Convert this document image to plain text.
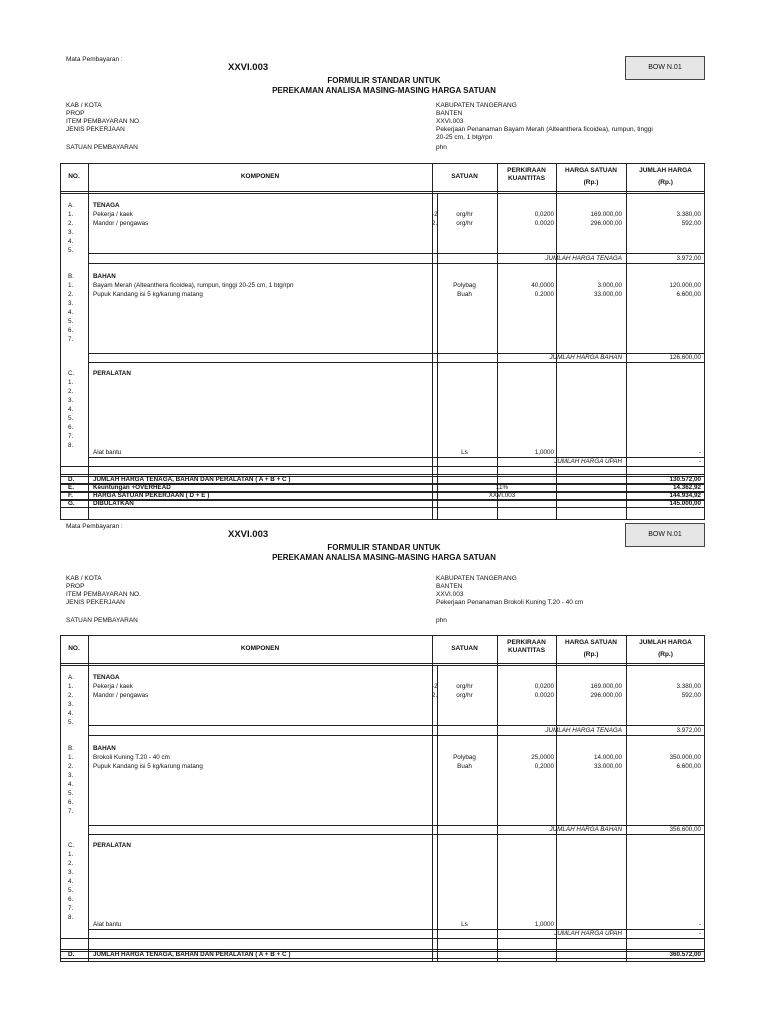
Mata Pembayaran :
XXVI.003	BOW N.01
FORMULIR STANDAR UNTUK
PEREKAMAN ANALISA MASING-MASING HARGA SATUAN
KAB / KOTA	KABUPATEN TANGERANG
PROP	BANTEN
ITEM PEMBAYARAN NO.	XXVI.003
JENIS PEKERJAAN	Pekerjaan Penanaman Bayam Merah (Alteanthera ficoidea), rumpun, tinggi
20-25 cm, 1 btg/rpn
SATUAN PEMBAYARAN	phn
NO.	KOMPONEN	SATUAN
PERKIRAAN
KUANTITAS
HARGA SATUAN
(Rp.)
JUMLAH HARGA
(Rp.)
A.	TENAGA
1.	Pekerja / kaek	-2	org/hr	0,0200	169.000,00	3.380,00
2.	Mandor / pengawas	2.	org/hr	0.0020	296.000,00	592,00
3.
4.
5.
JUMLAH HARGA TENAGA	3.972,00
B.	BAHAN
1.	Bayam Merah (Alteanthera ficoidea), rumpun, tinggi 20-25 cm, 1 btg/rpn	Polybag	40,0000	3.000,00	120.000,00
2.	Pupuk Kandang isi 5 kg/karung matang	Buah	0.2000	33.000,00	6.600,00
3.
4.
5.
6.
7.
JUMLAH HARGA BAHAN	126.600,00
C.	PERALATAN
1.
2.
3.
4.
5.
6.
7.
8.
Alat bantu	Ls	1,0000	-
JUMLAH HARGA UPAH	-
D.	JUMLAH HARGA TENAGA, BAHAN DAN PERALATAN ( A + B + C )	130.572,00
E.	Keuntungan +OVERHEAD	11%	14.362,92
F.	HARGA SATUAN PEKERJAAN ( D + E )	XXVI.003	144.934,92
G.	DIBULATKAN	145.000,00
Mata Pembayaran :
XXVI.003	BOW N.01
FORMULIR STANDAR UNTUK
PEREKAMAN ANALISA MASING-MASING HARGA SATUAN
KAB / KOTA	KABUPATEN TANGERANG
PROP	BANTEN
ITEM PEMBAYARAN NO.	XXVI.003
JENIS PEKERJAAN	Pekerjaan Penanaman Brokoli Kuning T.20 - 40 cm
SATUAN PEMBAYARAN	phn
NO.	KOMPONEN	SATUAN
PERKIRAAN
KUANTITAS
HARGA SATUAN
(Rp.)
JUMLAH HARGA
(Rp.)
A.	TENAGA
1.	Pekerja / kaek	-2	org/hr	0,0200	169.000,00	3.380,00
2.	Mandor / pengawas	2.	org/hr	0.0020	296.000,00	592,00
3.
4.
5.
JUMLAH HARGA TENAGA	3.972,00
B.	BAHAN
1.	Brokoli Kuning T.20 - 40 cm	Polybag	25,0000	14.000,00	350.000,00
2.	Pupuk Kandang isi 5 kg/karung matang	Buah	0,2000	33.000,00	6.600,00
3.
4.
5.
6.
7.
JUMLAH HARGA BAHAN	356.600,00
C.	PERALATAN
1.
2.
3.
4.
5.
6.
7.
8.
Alat bantu	Ls	1,0000	-
JUMLAH HARGA UPAH	-
D.	JUMLAH HARGA TENAGA, BAHAN DAN PERALATAN ( A + B + C )	360.572,00
